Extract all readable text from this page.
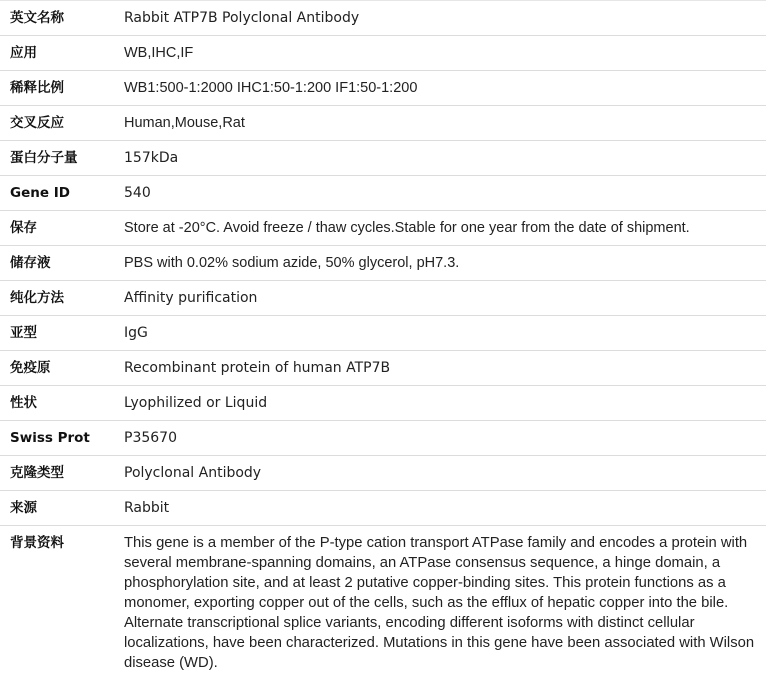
英文名称	Rabbit ATP7B Polyclonal Antibody
应用	WB,IHC,IF
稀释比例	WB1:500-1:2000 IHC1:50-1:200 IF1:50-1:200
交叉反应	Human,Mouse,Rat
蛋白分子量	157kDa
Gene ID	540
保存	Store at -20°C. Avoid freeze / thaw cycles.Stable for one year from the date of shipment.
储存液	PBS with 0.02% sodium azide, 50% glycerol, pH7.3.
纯化方法	Affinity purification
亚型	IgG
免疫原	Recombinant protein of human ATP7B
性状	Lyophilized or Liquid
Swiss Prot	P35670
克隆类型	Polyclonal Antibody
来源	Rabbit
背景资料	This gene is a member of the P-type cation transport ATPase family and encodes a protein with several membrane-spanning domains, an ATPase consensus sequence, a hinge domain, a phosphorylation site, and at least 2 putative copper-binding sites. This protein functions as a monomer, exporting copper out of the cells, such as the efflux of hepatic copper into the bile. Alternate transcriptional splice variants, encoding different isoforms with distinct cellular localizations, have been characterized. Mutations in this gene have been associated with Wilson disease (WD).
